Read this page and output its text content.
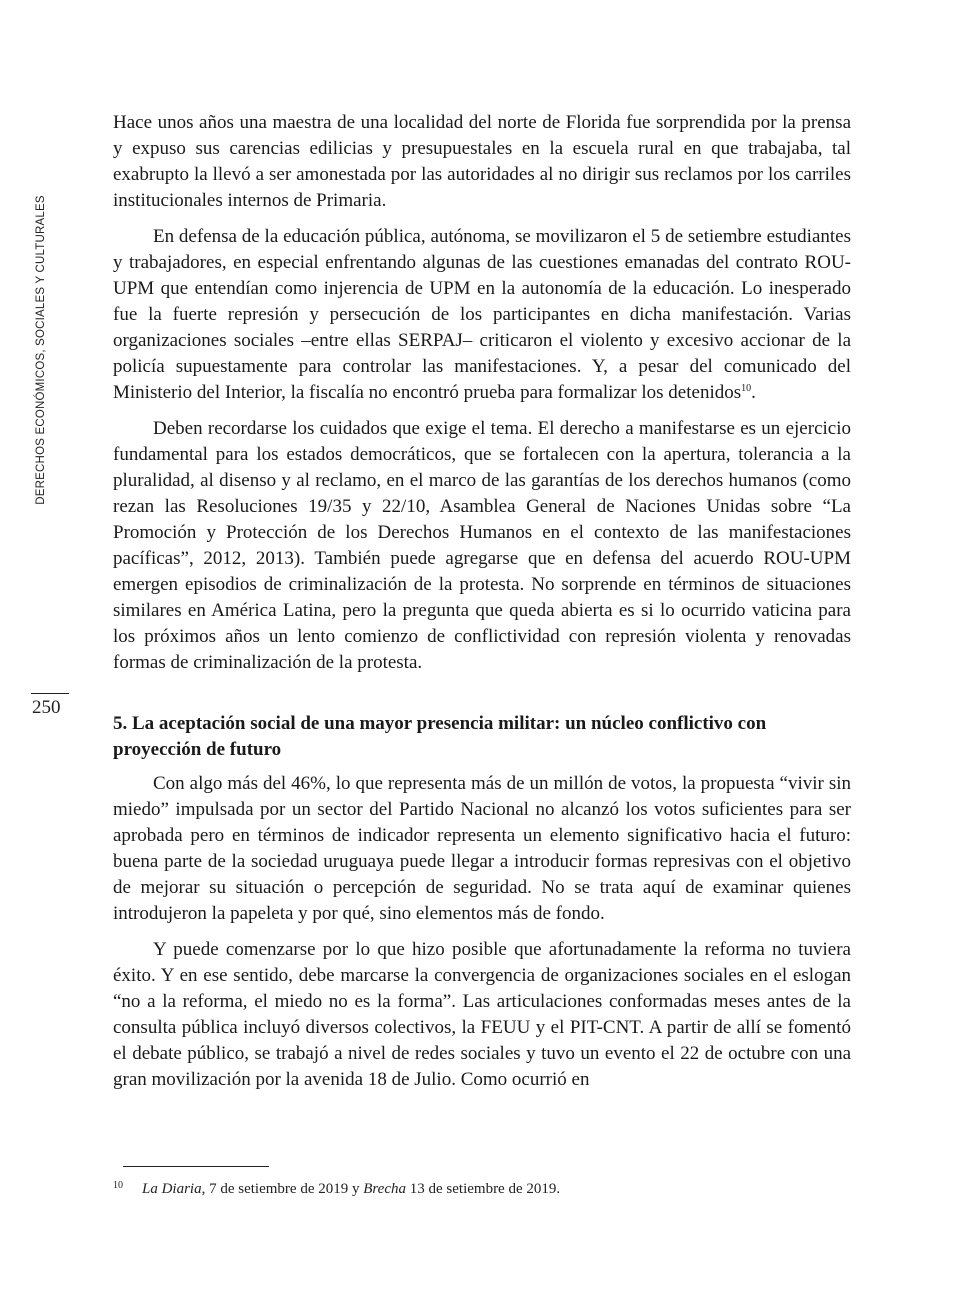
DERECHOS ECONÓMICOS, SOCIALES Y CULTURALES
250

Hace unos años una maestra de una localidad del norte de Florida fue sorprendida por la prensa y expuso sus carencias edilicias y presupuestales en la escuela rural en que trabajaba, tal exabrupto la llevó a ser amonestada por las autoridades al no dirigir sus reclamos por los carriles institucionales internos de Primaria.

En defensa de la educación pública, autónoma, se movilizaron el 5 de setiembre estudiantes y trabajadores, en especial enfrentando algunas de las cuestiones emanadas del contrato ROU-UPM que entendían como injerencia de UPM en la autonomía de la educación. Lo inesperado fue la fuerte represión y persecución de los participantes en dicha manifestación. Varias organizaciones sociales –entre ellas SERPAJ– criticaron el violento y excesivo accionar de la policía supuestamente para controlar las manifestaciones. Y, a pesar del comunicado del Ministerio del Interior, la fiscalía no encontró prueba para formalizar los detenidos$^{10}$.

Deben recordarse los cuidados que exige el tema. El derecho a manifestarse es un ejercicio fundamental para los estados democráticos, que se fortalecen con la apertura, tolerancia a la pluralidad, al disenso y al reclamo, en el marco de las garantías de los derechos humanos (como rezan las Resoluciones 19/35 y 22/10, Asamblea General de Naciones Unidas sobre “La Promoción y Protección de los Derechos Humanos en el contexto de las manifestaciones pacíficas”, 2012, 2013). También puede agregarse que en defensa del acuerdo ROU-UPM emergen episodios de criminalización de la protesta. No sorprende en términos de situaciones similares en América Latina, pero la pregunta que queda abierta es si lo ocurrido vaticina para los próximos años un lento comienzo de conflictividad con represión violenta y renovadas formas de criminalización de la protesta.

5. La aceptación social de una mayor presencia militar: un núcleo conflictivo con proyección de futuro

Con algo más del 46%, lo que representa más de un millón de votos, la propuesta “vivir sin miedo” impulsada por un sector del Partido Nacional no alcanzó los votos suficientes para ser aprobada pero en términos de indicador representa un elemento significativo hacia el futuro: buena parte de la sociedad uruguaya puede llegar a introducir formas represivas con el objetivo de mejorar su situación o percepción de seguridad. No se trata aquí de examinar quienes introdujeron la papeleta y por qué, sino elementos más de fondo.

Y puede comenzarse por lo que hizo posible que afortunadamente la reforma no tuviera éxito. Y en ese sentido, debe marcarse la convergencia de organizaciones sociales en el eslogan “no a la reforma, el miedo no es la forma”. Las articulaciones conformadas meses antes de la consulta pública incluyó diversos colectivos, la FEUU y el PIT-CNT. A partir de allí se fomentó el debate público, se trabajó a nivel de redes sociales y tuvo un evento el 22 de octubre con una gran movilización por la avenida 18 de Julio. Como ocurrió en

10 La Diaria, 7 de setiembre de 2019 y Brecha 13 de setiembre de 2019.
